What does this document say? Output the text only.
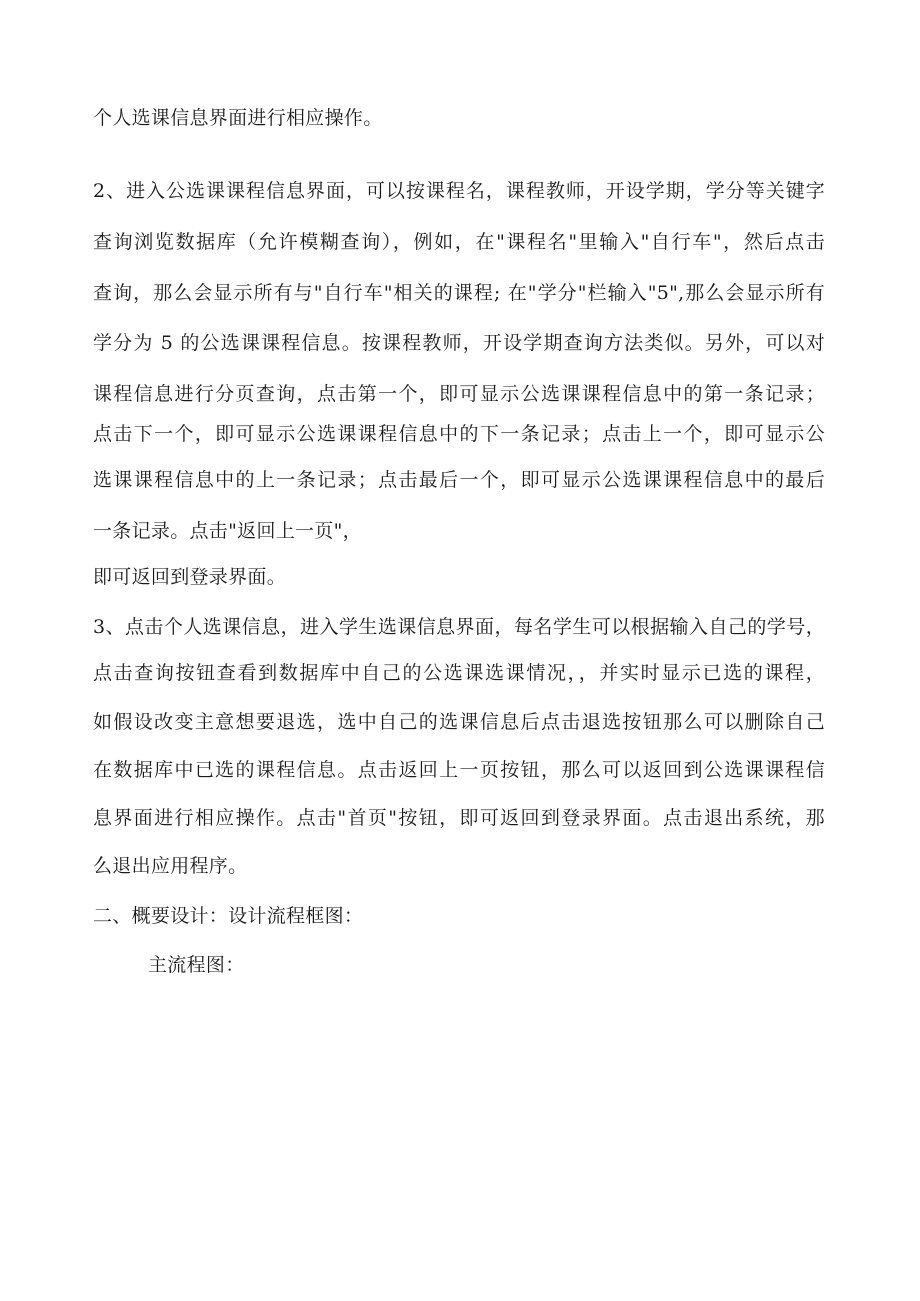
个人选课信息界面进行相应操作。
2、进入公选课课程信息界面，可以按课程名，课程教师，开设学期，学分等关键字
查询浏览数据库（允许模糊查询），例如，在"课程名"里输入"自行车"，然后点击
查询，那么会显示所有与"自行车"相关的课程; 在"学分"栏输入"5",那么会显示所有
学分为 5 的公选课课程信息。按课程教师，开设学期查询方法类似。另外，可以对
课程信息进行分页查询，点击第一个，即可显示公选课课程信息中的第一条记录；
点击下一个，即可显示公选课课程信息中的下一条记录；点击上一个，即可显示公
选课课程信息中的上一条记录；点击最后一个，即可显示公选课课程信息中的最后
一条记录。点击"返回上一页"，
即可返回到登录界面。
3、点击个人选课信息，进入学生选课信息界面，每名学生可以根据输入自己的学号，
点击查询按钮查看到数据库中自己的公选课选课情况，，并实时显示已选的课程，
如假设改变主意想要退选，选中自己的选课信息后点击退选按钮那么可以删除自己
在数据库中已选的课程信息。点击返回上一页按钮，那么可以返回到公选课课程信
息界面进行相应操作。点击"首页"按钮，即可返回到登录界面。点击退出系统，那
么退出应用程序。
二、概要设计：设计流程框图：
主流程图：
